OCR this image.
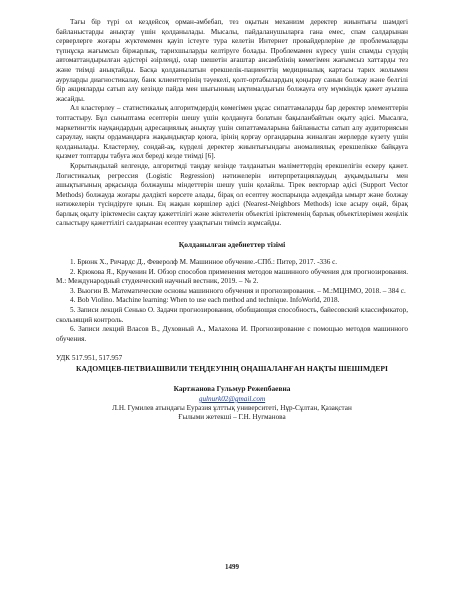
Тағы бір түрі ол кездейсоқ орман-әмбебап, тез оқытын механизм деректер жиынтығы шамдегі байланыстарды анықтау үшін қолданылады. Мысалы, пайдаланушыларға гана емес, спам салдарынан серверлерге жоғары жүктемемен қауіп істеуге тура келетін Интернет провайдерлеріне де проблемаларды түпнұсқа жағымсыз біржарлық, тарихшыларды келтіруге болады. Проблемамен күресу үшін спамды сүзудің автоматтандырылған әдістері әзірлеңді, олар шешетін ағаштар ансамблінің көмегімен жағымсыз хаттарды тез және тиімді анықтайды. Басқа қолданылатын ерекшелік-пациенттің медициналық картасы тарих жолымен ауруларды диагностикалау, банк клиенттерінің тәуекелі, қолт-ортабылардың қоңырау санын болжау және белгілі бір акцияларды сатып алу кезінде пайда мен шығынның ықтималдығын болжауға өту мүмкіндік қажет ауызша жасайды.

Ал кластерлеу – статистикалық алгоритмдердің көмегімен ұқсас сипаттамаларды бар деректер элементтерін топтастыру. Бұл сыныптама есептерін шешу үшін қолдануға болатын бақыланбайтын оқыту әдісі. Мысалға, маркетингтік науқандардың адресациялық анықтау үшін сипаттамаларына байланысты сатып алу аудиториясын сараулау, нақты ордамандарға жақындықтар қоюға, ірінің қорғау органдарына жиналған жерлерде күзету үшін қолданылады. Кластерлеу, сондай-ақ, күрделі деректер жиынтығындағы аномалиялық ерекшелікке байқауға қызмет топтарды табуға жол береді кезде тиімді [6].

Қорытындылай келгенде, алгоритмді таңдау кезінде талданатын мәліметтердің ерекшелігін ескеру қажет. Логистикалық регрессия (Logistic Regression) нәтижелерін интерпретациялаудың ауқымдылығы мен ашықтығының арқасында болжаушы міндеттерін шешу үшін қолайлы. Тірек векторлар әдісі (Support Vector Methods) болжауда жоғары дәлдікті көрсете алады, бірақ ол есептеу жоспарында әлдеқайда ымырт және болжау нәтижелерін түсіндіруге қиын. Ең жақын көршілер әдісі (Nearest-Neighbors Methods) іске асыру оңай, бірақ барлық оқыту іріктемесін сақтау қажеттілігі және жіктелетін объектілі іріктеменің барлық объектілерімен жеңілік салыстыру қажеттілігі салдарынан есептеу ұзақтығын тиімсіз жұмсайды.

Қолданылған әдебиеттер тізімі

1. Брюнк Х., Ричардс Д., Феверолф М. Машинное обучение.-СПб.: Питер, 2017. -336 с.

2. Крюкова Я., Крученин И. Обзор способов применения методов машинного обучения для прогнозирования. М.: Международный студенческий научный вестник, 2019. – № 2.

3. Вьюгин В. Математические основы машинного обучения и прогнозирования. – М.:МЦНМО, 2018. – 384 с.

4. Bob Violino. Machine learning: When to use each method and technique. InfoWorld, 2018.

5. Записи лекций Сенько О. Задачи прогнозирования, обобщающая способность, байесовский классификатор, скользящий контроль.

6. Записи лекций Власов В., Духовный А., Малахова И. Прогнозирование с помощью методов машинного обучения.

УДК 517.951, 517.957

КАДОМЦЕВ-ПЕТВИАШВИЛИ ТЕҢДЕУІНІҢ ОҢАШАЛАНҒАН НАҚТЫ ШЕШІМДЕРІ

Картжанова Гульмур Режепбаевна

gulnurk02@gmail.com

Л.Н. Гумилев атындағы Еуразия ұлттық университеті, Нұр-Сұлтан, Қазақстан

Ғылыми жетекші – Г.Н. Нугманова

1499
